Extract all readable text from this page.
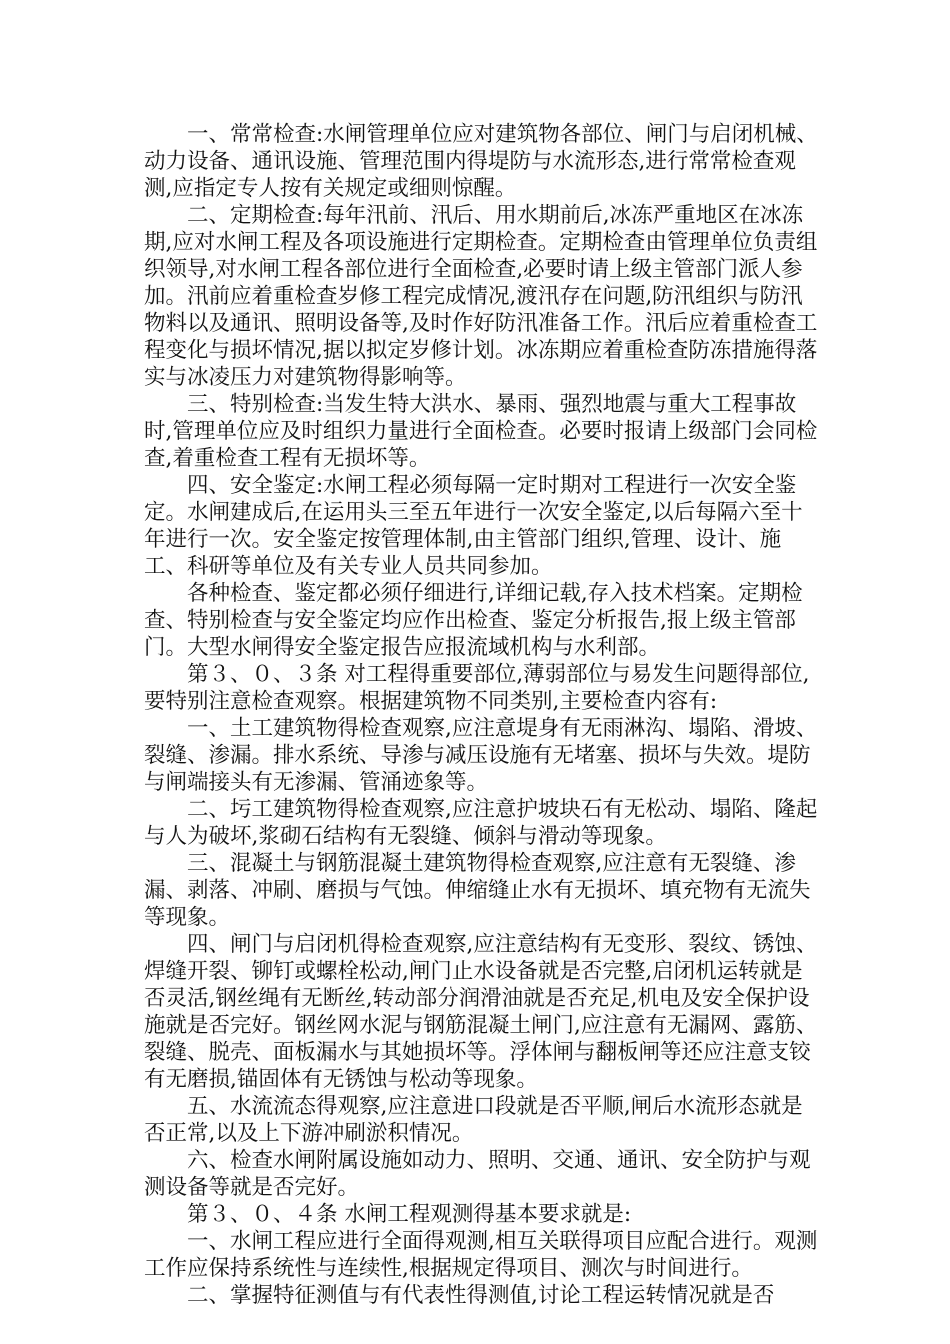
一、常常检查:水闸管理单位应对建筑物各部位、闸门与启闭机械、动力设备、通讯设施、管理范围内得堤防与水流形态,进行常常检查观测,应指定专人按有关规定或细则惊醒。

二、定期检查:每年汛前、汛后、用水期前后,冰冻严重地区在冰冻期,应对水闸工程及各项设施进行定期检查。定期检查由管理单位负责组织领导,对水闸工程各部位进行全面检查,必要时请上级主管部门派人参加。汛前应着重检查岁修工程完成情况,渡汛存在问题,防汛组织与防汛物料以及通讯、照明设备等,及时作好防汛准备工作。汛后应着重检查工程变化与损坏情况,据以拟定岁修计划。冰冻期应着重检查防冻措施得落实与冰凌压力对建筑物得影响等。

三、特别检查:当发生特大洪水、暴雨、强烈地震与重大工程事故时,管理单位应及时组织力量进行全面检查。必要时报请上级部门会同检查,着重检查工程有无损坏等。

四、安全鉴定:水闸工程必须每隔一定时期对工程进行一次安全鉴定。水闸建成后,在运用头三至五年进行一次安全鉴定,以后每隔六至十年进行一次。安全鉴定按管理体制,由主管部门组织,管理、设计、施工、科研等单位及有关专业人员共同参加。

各种检查、鉴定都必须仔细进行,详细记载,存入技术档案。定期检查、特别检查与安全鉴定均应作出检查、鉴定分析报告,报上级主管部门。大型水闸得安全鉴定报告应报流域机构与水利部。

第３、０、３条 对工程得重要部位,薄弱部位与易发生问题得部位,要特别注意检查观察。根据建筑物不同类别,主要检查内容有:

一、土工建筑物得检查观察,应注意堤身有无雨淋沟、塌陷、滑坡、裂缝、渗漏。排水系统、导渗与减压设施有无堵塞、损坏与失效。堤防与闸端接头有无渗漏、管涌迹象等。

二、圬工建筑物得检查观察,应注意护坡块石有无松动、塌陷、隆起与人为破坏,浆砌石结构有无裂缝、倾斜与滑动等现象。

三、混凝土与钢筋混凝土建筑物得检查观察,应注意有无裂缝、渗漏、剥落、冲刷、磨损与气蚀。伸缩缝止水有无损坏、填充物有无流失等现象。

四、闸门与启闭机得检查观察,应注意结构有无变形、裂纹、锈蚀、焊缝开裂、铆钉或螺栓松动,闸门止水设备就是否完整,启闭机运转就是否灵活,钢丝绳有无断丝,转动部分润滑油就是否充足,机电及安全保护设施就是否完好。钢丝网水泥与钢筋混凝土闸门,应注意有无漏网、露筋、裂缝、脱壳、面板漏水与其她损坏等。浮体闸与翻板闸等还应注意支铰有无磨损,锚固体有无锈蚀与松动等现象。

五、水流流态得观察,应注意进口段就是否平顺,闸后水流形态就是否正常,以及上下游冲刷淤积情况。

六、检查水闸附属设施如动力、照明、交通、通讯、安全防护与观测设备等就是否完好。

第３、０、４条 水闸工程观测得基本要求就是:

一、水闸工程应进行全面得观测,相互关联得项目应配合进行。观测工作应保持系统性与连续性,根据规定得项目、测次与时间进行。

二、掌握特征测值与有代表性得测值,讨论工程运转情况就是否
